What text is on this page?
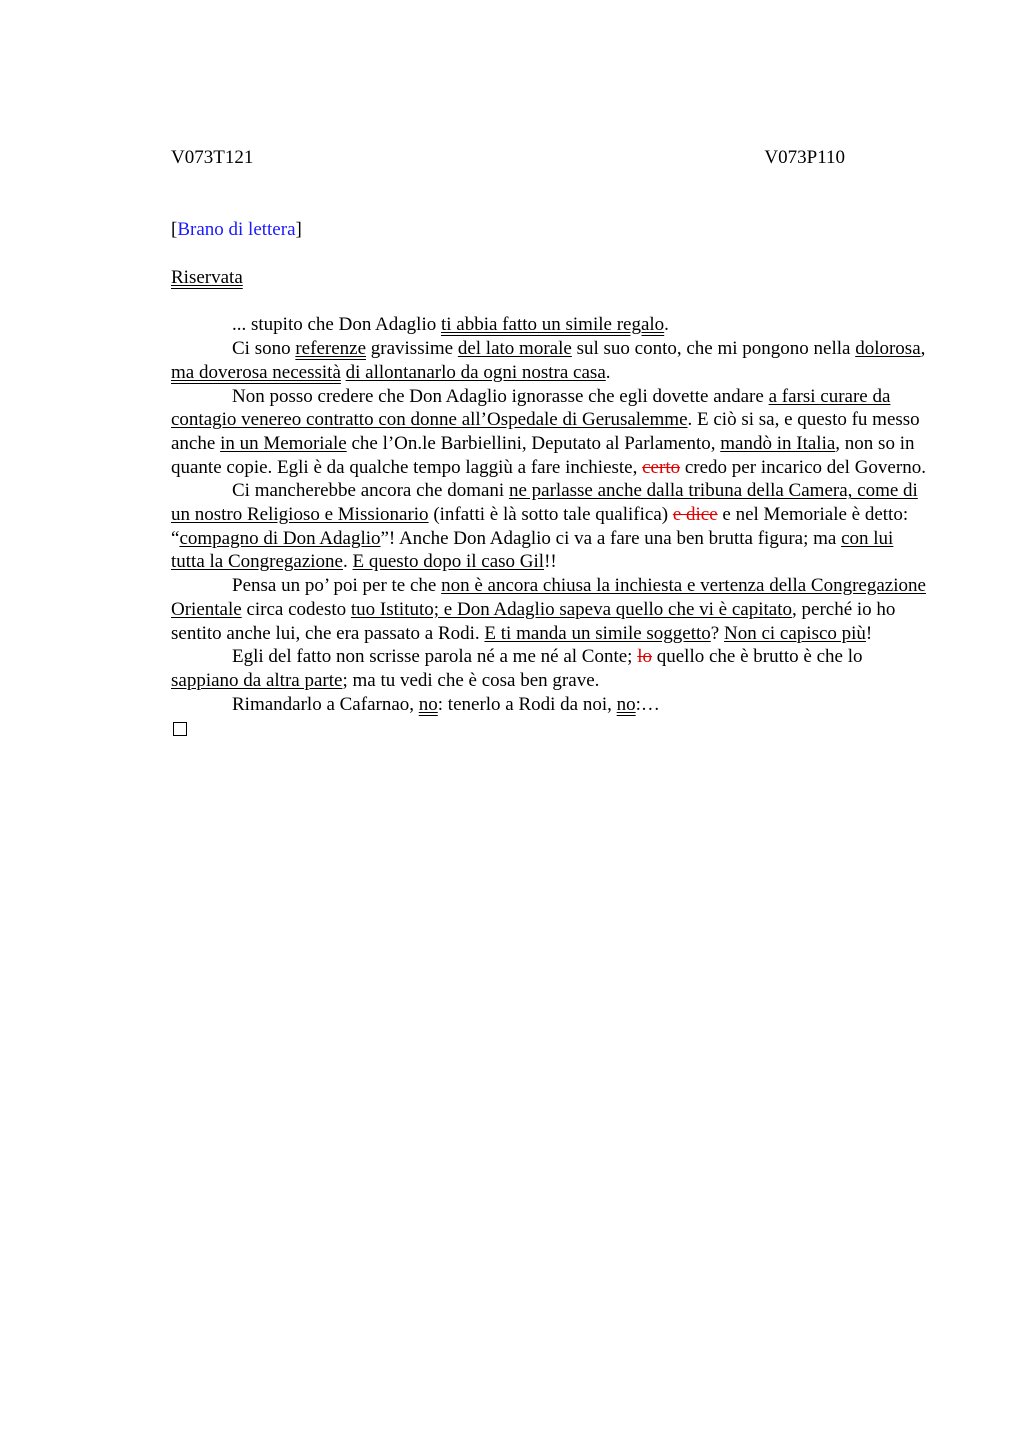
V073T121	V073P110
[Brano di lettera]
Riservata

... stupito che Don Adaglio ti abbia fatto un simile regalo.

Ci sono referenze gravissime del lato morale sul suo conto, che mi pongono nella dolorosa, ma doverosa necessità di allontanarlo da ogni nostra casa.

Non posso credere che Don Adaglio ignorasse che egli dovette andare a farsi curare da contagio venereo contratto con donne all’Ospedale di Gerusalemme. E ciò si sa, e questo fu messo anche in un Memoriale che l’On.le Barbiellini, Deputato al Parlamento, mandò in Italia, non so in quante copie. Egli è da qualche tempo laggiù a fare inchieste, certo credo per incarico del Governo.

Ci mancherebbe ancora che domani ne parlasse anche dalla tribuna della Camera, come di un nostro Religioso e Missionario (infatti è là sotto tale qualifica) e dice e nel Memoriale è detto: “compagno di Don Adaglio”! Anche Don Adaglio ci va a fare una ben brutta figura; ma con lui tutta la Congregazione. E questo dopo il caso Gil!!

Pensa un po’ poi per te che non è ancora chiusa la inchiesta e vertenza della Congregazione Orientale circa codesto tuo Istituto; e Don Adaglio sapeva quello che vi è capitato, perché io ho sentito anche lui, che era passato a Rodi. E ti manda un simile soggetto? Non ci capisco più!

Egli del fatto non scrisse parola né a me né al Conte; lo quello che è brutto è che lo sappiano da altra parte; ma tu vedi che è cosa ben grave.

Rimandarlo a Cafarnao, no: tenerlo a Rodi da noi, no:…
